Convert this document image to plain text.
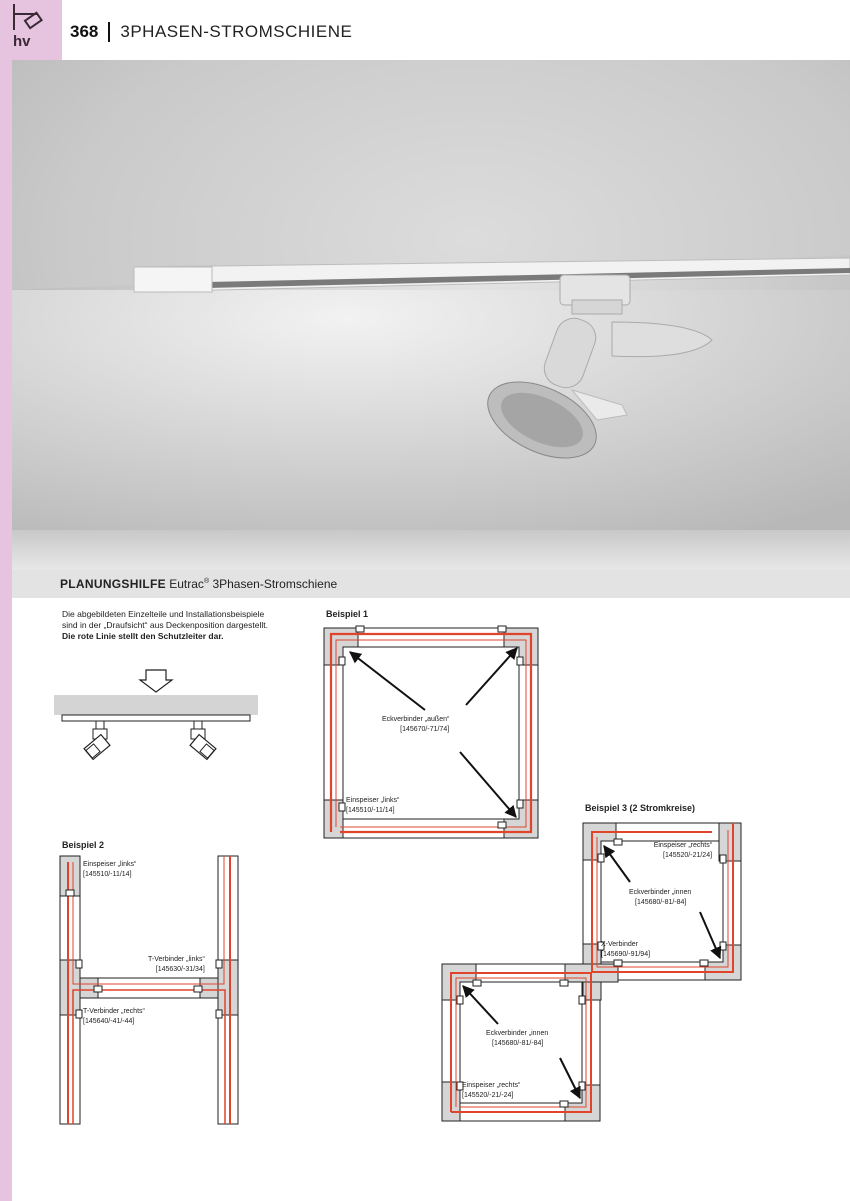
hv
368 3PHASEN-STROMSCHIENE
PLANUNGSHILFE Eutrac® 3Phasen-Stromschiene
Die abgebildeten Einzelteile und Installationsbeispiele
sind in der „Draufsicht“ aus Deckenposition dargestellt.
Die rote Linie stellt den Schutzleiter dar.
Beispiel 1
Eckverbinder „außen“
[145670/-71/74]
Einspeiser „links“
[145510/-11/14]
Beispiel 2
Einspeiser „links“
[145510/-11/14]
T-Verbinder „links“
[145630/-31/34]
T-Verbinder „rechts“
[145640/-41/-44]
Beispiel 3 (2 Stromkreise)
Einspeiser „rechts“
[145520/-21/24]
Eckverbinder „innen
[145680/-81/-84]
X-Verbinder
[145690/-91/94]
Eckverbinder „innen
[145680/-81/-84]
Einspeiser „rechts“
[145520/-21/-24]
